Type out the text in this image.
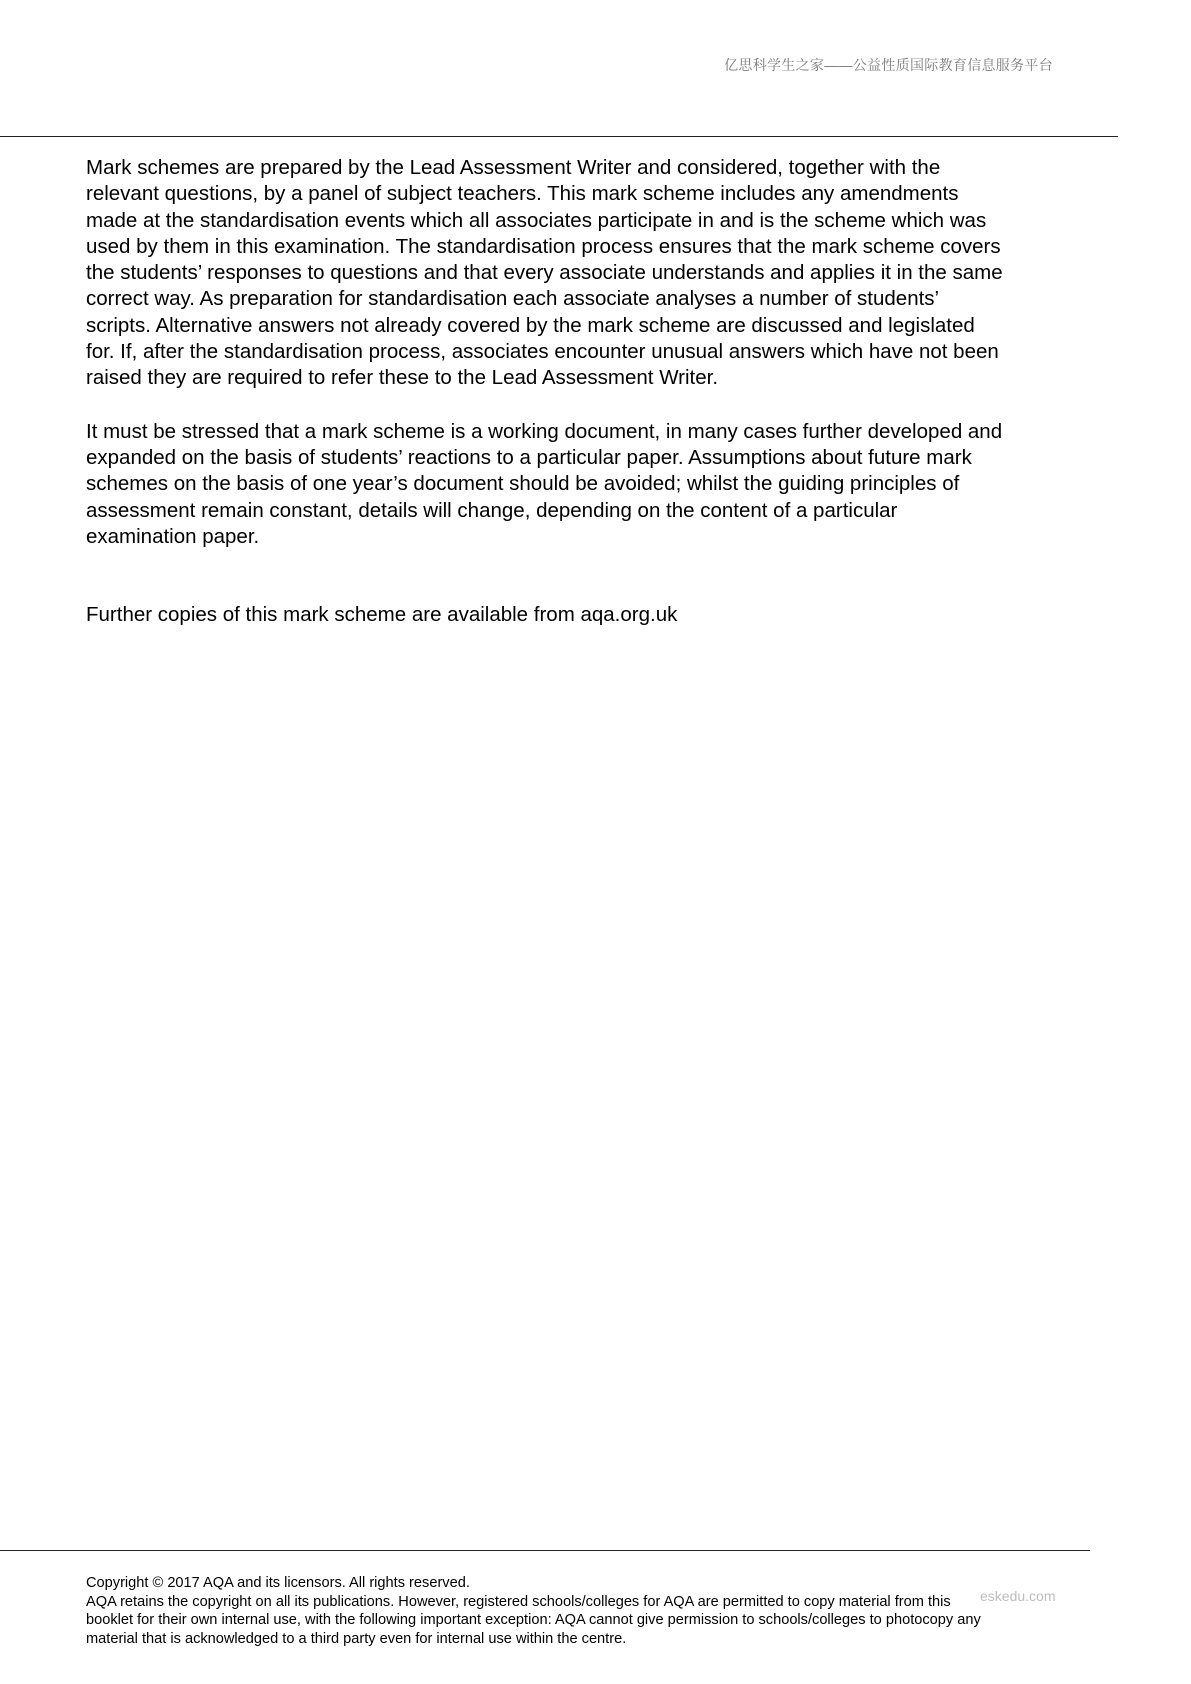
亿思科学生之家——公益性质国际教育信息服务平台

Mark schemes are prepared by the Lead Assessment Writer and considered, together with the
relevant questions, by a panel of subject teachers. This mark scheme includes any amendments
made at the standardisation events which all associates participate in and is the scheme which was
used by them in this examination. The standardisation process ensures that the mark scheme covers
the students’ responses to questions and that every associate understands and applies it in the same
correct way. As preparation for standardisation each associate analyses a number of students’
scripts. Alternative answers not already covered by the mark scheme are discussed and legislated
for. If, after the standardisation process, associates encounter unusual answers which have not been
raised they are required to refer these to the Lead Assessment Writer.

It must be stressed that a mark scheme is a working document, in many cases further developed and
expanded on the basis of students’ reactions to a particular paper. Assumptions about future mark
schemes on the basis of one year’s document should be avoided; whilst the guiding principles of
assessment remain constant, details will change, depending on the content of a particular
examination paper.

Further copies of this mark scheme are available from aqa.org.uk

Copyright © 2017 AQA and its licensors. All rights reserved.

AQA retains the copyright on all its publications. However, registered schools/colleges for AQA are permitted to copy material from this
booklet for their own internal use, with the following important exception: AQA cannot give permission to schools/colleges to photocopy any
material that is acknowledged to a third party even for internal use within the centre.

eskedu.com
